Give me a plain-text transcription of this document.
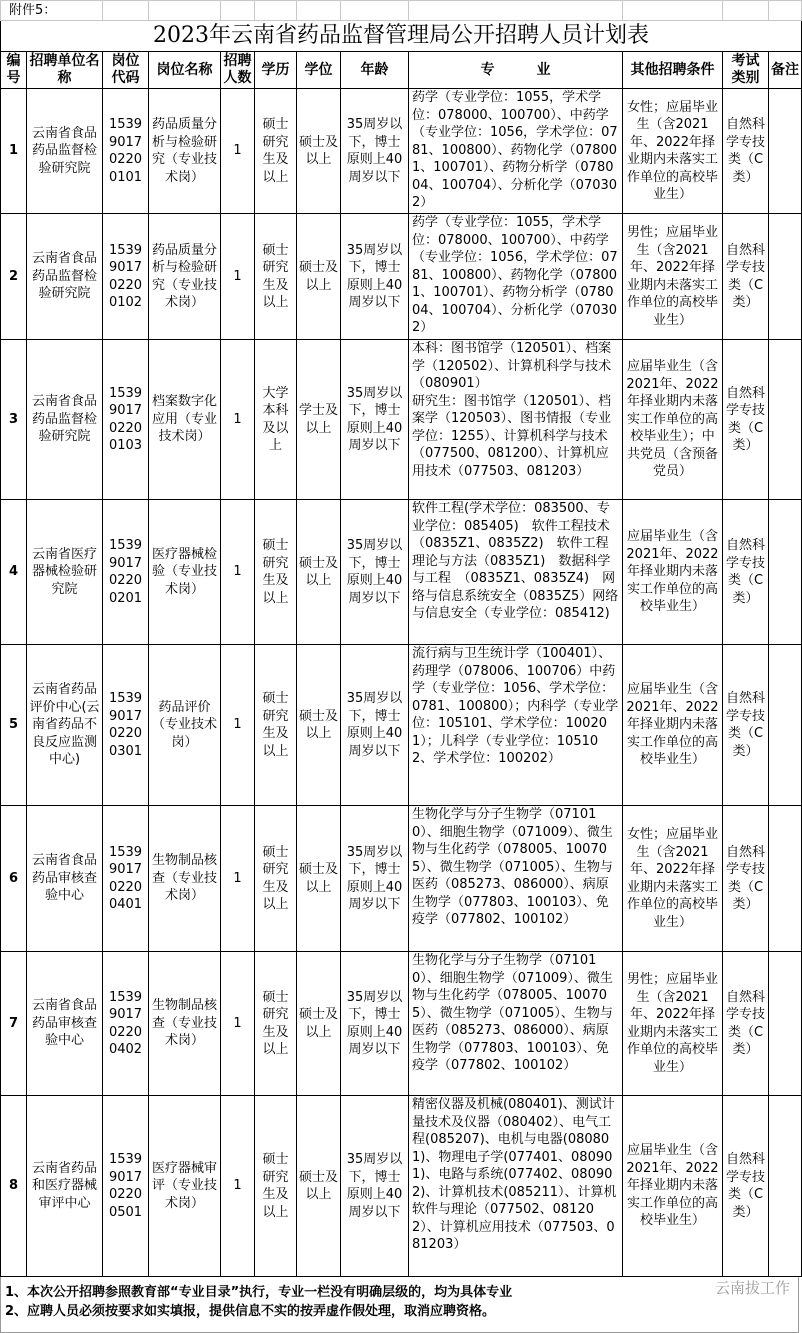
附件5：											
2023年云南省药品监督管理局公开招聘人员计划表											
编号	招聘单位名称	岗位代码	岗位名称	招聘人数	学历	学位	年龄	专　　　业	其他招聘条件	考试类别	备注
1	云南省食品药品监督检验研究院	1539901702200101	药品质量分析与检验研究（专业技术岗）	1	硕士研究生及以上	硕士及以上	35周岁以下，博士原则上40周岁以下	药学（专业学位：1055，学术学位：078000、100700）、中药学（专业学位：1056，学术学位：0781、100800）、药物化学（078001、100701）、药物分析学（078004、100704）、分析化学（070302）	女性；应届毕业生（含2021年、2022年择业期内未落实工作单位的高校毕业生）	自然科学专技类（C类）	
2	云南省食品药品监督检验研究院	1539901702200102	药品质量分析与检验研究（专业技术岗）	1	硕士研究生及以上	硕士及以上	35周岁以下，博士原则上40周岁以下	药学（专业学位：1055，学术学位：078000、100700）、中药学（专业学位：1056，学术学位：0781、100800）、药物化学（078001、100701）、药物分析学（078004、100704）、分析化学（070302）	男性；应届毕业生（含2021年、2022年择业期内未落实工作单位的高校毕业生）	自然科学专技类（C类）	
3	云南省食品药品监督检验研究院	1539901702200103	档案数字化应用（专业技术岗）	1	大学本科及以上	学士及以上	35周岁以下，博士原则上40周岁以下	本科：图书馆学（120501）、档案学（120502）、计算机科学与技术（080901）
研究生：图书馆学（120501）、档案学（120503）、图书情报（专业学位：1255）、计算机科学与技术（077500、081200）、计算机应用技术（077503、081203）	应届毕业生（含2021年、2022年择业期内未落实工作单位的高校毕业生）；中共党员（含预备党员）	自然科学专技类（C类）	
4	云南省医疗器械检验研究院	1539901702200201	医疗器械检验（专业技术岗）	1	硕士研究生及以上	硕士及以上	35周岁以下，博士原则上40周岁以下	软件工程(学术学位：083500、专业学位：085405)　软件工程技术（0835Z1、0835Z2)　软件工程理论与方法（0835Z1)　数据科学与工程　（0835Z1、0835Z4)　网络与信息系统安全（0835Z5）网络与信息安全（专业学位：085412)	应届毕业生（含2021年、2022年择业期内未落实工作单位的高校毕业生）	自然科学专技类（C类）	
5	云南省药品评价中心(云南省药品不良反应监测中心)	1539901702200301	药品评价（专业技术岗）	1	硕士研究生及以上	硕士及以上	35周岁以下，博士原则上40周岁以下	流行病与卫生统计学（100401）、药理学（078006、100706）中药学（专业学位：1056、学术学位：0781、100800）；内科学（专业学位：105101、学术学位：100201）；儿科学（专业学位：105102、学术学位：100202）	应届毕业生（含2021年、2022年择业期内未落实工作单位的高校毕业生）	自然科学专技类（C类）	
6	云南省食品药品审核查验中心	1539901702200401	生物制品核查（专业技术岗）	1	硕士研究生及以上	硕士及以上	35周岁以下，博士原则上40周岁以下	生物化学与分子生物学（071010）、细胞生物学（071009）、微生物与生化药学（078005、100705）、微生物学（071005）、生物与医药（085273、086000）、病原生物学（077803、100103）、免疫学（077802、100102）	女性；应届毕业生（含2021年、2022年择业期内未落实工作单位的高校毕业生）	自然科学专技类（C类）	
7	云南省食品药品审核查验中心	1539901702200402	生物制品核查（专业技术岗）	1	硕士研究生及以上	硕士及以上	35周岁以下，博士原则上40周岁以下	生物化学与分子生物学（071010）、细胞生物学（071009）、微生物与生化药学（078005、100705）、微生物学（071005）、生物与医药（085273、086000）、病原生物学（077803、100103）、免疫学（077802、100102）	男性；应届毕业生（含2021年、2022年择业期内未落实工作单位的高校毕业生）	自然科学专技类（C类）	
8	云南省药品和医疗器械审评中心	1539901702200501	医疗器械审评（专业技术岗）	1	硕士研究生及以上	硕士及以上	35周岁以下，博士原则上40周岁以下	精密仪器及机械(080401)、测试计量技术及仪器（080402）、电气工程(085207)、电机与电器(080801)、物理电子学(077401、080901)、电路与系统(077402、080902)、计算机技术(085211）、计算机软件与理论（077502、081202）、计算机应用技术（077503、081203）	应届毕业生（含2021年、2022年择业期内未落实工作单位的高校毕业生）	自然科学专技类（C类）	
1、本次公开招聘参照教育部“专业目录”执行，专业一栏没有明确层级的，均为具体专业
2、应聘人员必须按要求如实填报，提供信息不实的按弄虚作假处理，取消应聘资格。
云南拔工作
